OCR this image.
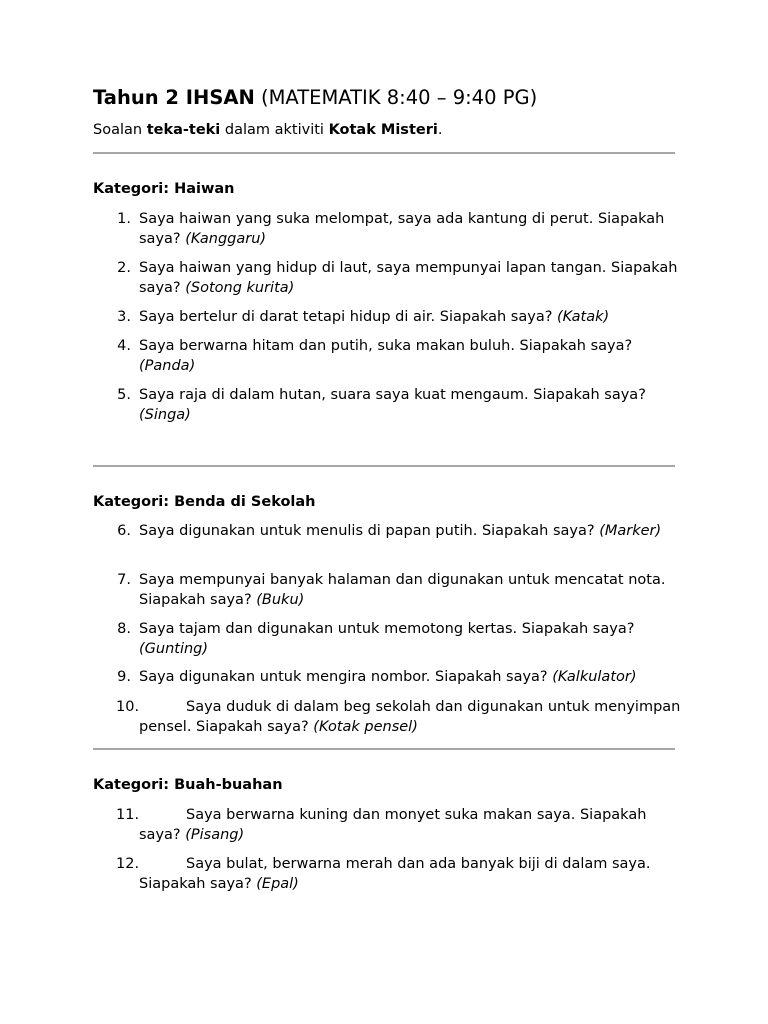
Tahun 2 IHSAN (MATEMATIK 8:40 – 9:40 PG)
Soalan teka-teki dalam aktiviti Kotak Misteri.
Kategori: Haiwan
1. Saya haiwan yang suka melompat, saya ada kantung di perut. Siapakah saya? (Kanggaru)
2. Saya haiwan yang hidup di laut, saya mempunyai lapan tangan. Siapakah saya? (Sotong kurita)
3. Saya bertelur di darat tetapi hidup di air. Siapakah saya? (Katak)
4. Saya berwarna hitam dan putih, suka makan buluh. Siapakah saya? (Panda)
5. Saya raja di dalam hutan, suara saya kuat mengaum. Siapakah saya? (Singa)
Kategori: Benda di Sekolah
6. Saya digunakan untuk menulis di papan putih. Siapakah saya? (Marker)
7. Saya mempunyai banyak halaman dan digunakan untuk mencatat nota. Siapakah saya? (Buku)
8. Saya tajam dan digunakan untuk memotong kertas. Siapakah saya? (Gunting)
9. Saya digunakan untuk mengira nombor. Siapakah saya? (Kalkulator)
10.	Saya duduk di dalam beg sekolah dan digunakan untuk menyimpan pensel. Siapakah saya? (Kotak pensel)
Kategori: Buah-buahan
11.	Saya berwarna kuning dan monyet suka makan saya. Siapakah saya? (Pisang)
12.	Saya bulat, berwarna merah dan ada banyak biji di dalam saya. Siapakah saya? (Epal)
